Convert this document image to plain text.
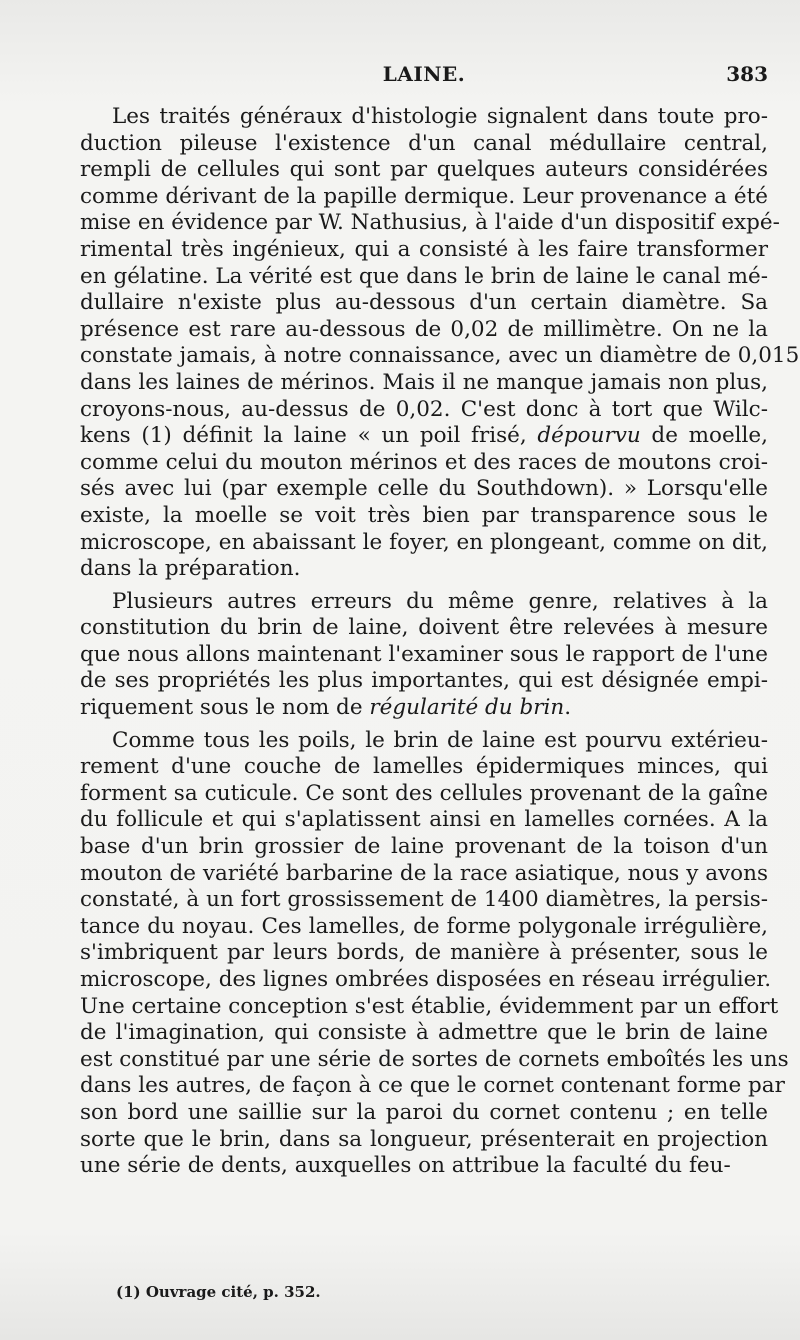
LAINE.	383
Les traités généraux d'histologie signalent dans toute pro-
duction pileuse l'existence d'un canal médullaire central,
rempli de cellules qui sont par quelques auteurs considérées
comme dérivant de la papille dermique. Leur provenance a été
mise en évidence par W. Nathusius, à l'aide d'un dispositif expé-
rimental très ingénieux, qui a consisté à les faire transformer
en gélatine. La vérité est que dans le brin de laine le canal mé-
dullaire n'existe plus au-dessous d'un certain diamètre. Sa
présence est rare au-dessous de 0,02 de millimètre. On ne la
constate jamais, à notre connaissance, avec un diamètre de 0,015
dans les laines de mérinos. Mais il ne manque jamais non plus,
croyons-nous, au-dessus de 0,02. C'est donc à tort que Wilc-
kens (1) définit la laine « un poil frisé, dépourvu de moelle,
comme celui du mouton mérinos et des races de moutons croi-
sés avec lui (par exemple celle du Southdown). » Lorsqu'elle
existe, la moelle se voit très bien par transparence sous le
microscope, en abaissant le foyer, en plongeant, comme on dit,
dans la préparation.
Plusieurs autres erreurs du même genre, relatives à la
constitution du brin de laine, doivent être relevées à mesure
que nous allons maintenant l'examiner sous le rapport de l'une
de ses propriétés les plus importantes, qui est désignée empi-
riquement sous le nom de régularité du brin.
Comme tous les poils, le brin de laine est pourvu extérieu-
rement d'une couche de lamelles épidermiques minces, qui
forment sa cuticule. Ce sont des cellules provenant de la gaîne
du follicule et qui s'aplatissent ainsi en lamelles cornées. A la
base d'un brin grossier de laine provenant de la toison d'un
mouton de variété barbarine de la race asiatique, nous y avons
constaté, à un fort grossissement de 1400 diamètres, la persis-
tance du noyau. Ces lamelles, de forme polygonale irrégulière,
s'imbriquent par leurs bords, de manière à présenter, sous le
microscope, des lignes ombrées disposées en réseau irrégulier.
Une certaine conception s'est établie, évidemment par un effort
de l'imagination, qui consiste à admettre que le brin de laine
est constitué par une série de sortes de cornets emboîtés les uns
dans les autres, de façon à ce que le cornet contenant forme par
son bord une saillie sur la paroi du cornet contenu ; en telle
sorte que le brin, dans sa longueur, présenterait en projection
une série de dents, auxquelles on attribue la faculté du feu-
(1) Ouvrage cité, p. 352.
